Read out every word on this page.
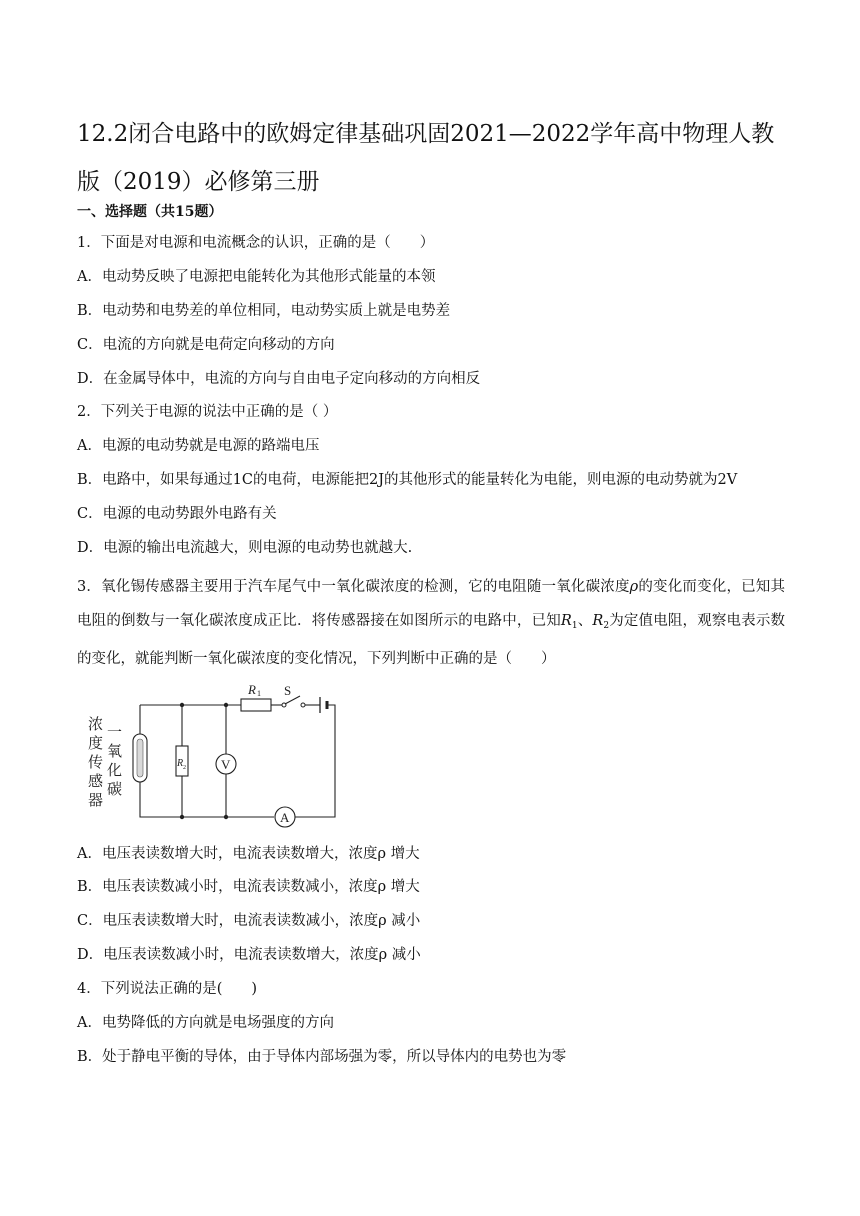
12.2闭合电路中的欧姆定律基础巩固2021—2022学年高中物理人教版（2019）必修第三册
一、选择题（共15题）
1．下面是对电源和电流概念的认识，正确的是（　　）
A．电动势反映了电源把电能转化为其他形式能量的本领
B．电动势和电势差的单位相同，电动势实质上就是电势差
C．电流的方向就是电荷定向移动的方向
D．在金属导体中，电流的方向与自由电子定向移动的方向相反
2．下列关于电源的说法中正确的是（ ）
A．电源的电动势就是电源的路端电压
B．电路中，如果每通过1C的电荷，电源能把2J的其他形式的能量转化为电能，则电源的电动势就为2V
C．电源的电动势跟外电路有关
D．电源的输出电流越大，则电源的电动势也就越大.
3．氧化锡传感器主要用于汽车尾气中一氧化碳浓度的检测，它的电阻随一氧化碳浓度ρ的变化而变化，已知其电阻的倒数与一氧化碳浓度成正比．将传感器接在如图所示的电路中，已知$R_1$、$R_2$为定值电阻，观察电表示数的变化，就能判断一氧化碳浓度的变化情况，下列判断中正确的是（　　）
浓
度
传
感
器
一
氧
化
碳
R 1 S
R 2	V
A
A．电压表读数增大时，电流表读数增大，浓度ρ 增大
B．电压表读数减小时，电流表读数减小，浓度ρ 增大
C．电压表读数增大时，电流表读数减小，浓度ρ 减小
D．电压表读数减小时，电流表读数增大，浓度ρ 减小
4．下列说法正确的是(　　)
A．电势降低的方向就是电场强度的方向
B．处于静电平衡的导体，由于导体内部场强为零，所以导体内的电势也为零
